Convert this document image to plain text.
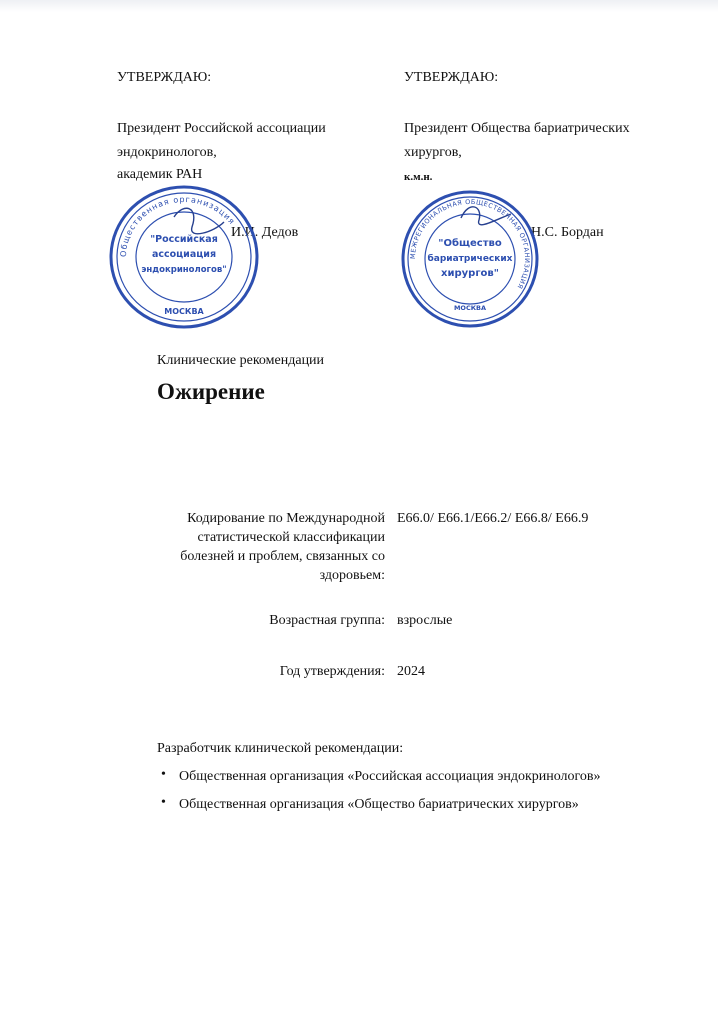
УТВЕРЖДАЮ:
Президент Российской ассоциации
эндокринологов,
академик РАН
И.И. Дедов
УТВЕРЖДАЮ:
Президент Общества бариатрических
хирургов,
к.м.н.
Н.С. Бордан
Общественная организация
"Российская
ассоциация
эндокринологов"
МОСКВА
МЕЖРЕГИОНАЛЬНАЯ ОБЩЕСТВЕННАЯ ОРГАНИЗАЦИЯ
"Общество
бариатрических
хирургов"
МОСКВА
Клинические рекомендации
Ожирение
Кодирование по Международной
статистической классификации
болезней и проблем, связанных со
здоровьем:
E66.0/ E66.1/E66.2/ E66.8/ E66.9
Возрастная группа: взрослые
Год утверждения: 2024
Разработчик клинической рекомендации:
• Общественная организация «Российская ассоциация эндокринологов»
• Общественная организация «Общество бариатрических хирургов»
